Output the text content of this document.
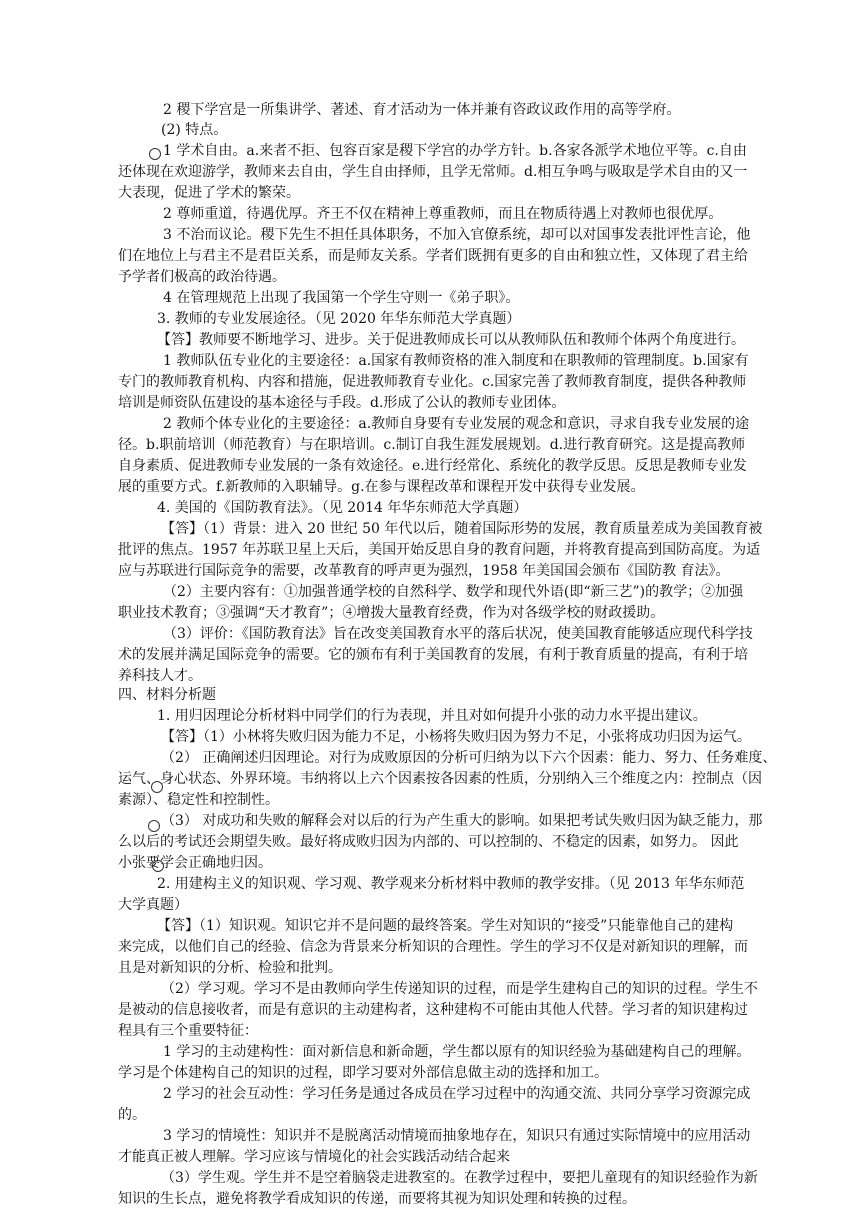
2 稷下学宫是一所集讲学、著述、育才活动为一体并兼有咨政议政作用的高等学府。
(2) 特点。
1 学术自由。a.来者不拒、包容百家是稷下学宫的办学方针。b.各家各派学术地位平等。c.自由
还体现在欢迎游学，教师来去自由，学生自由择师，且学无常师。d.相互争鸣与吸取是学术自由的又一
大表现，促进了学术的繁荣。
2 尊师重道，待遇优厚。齐王不仅在精神上尊重教师，而且在物质待遇上对教师也很优厚。
3 不治而议论。稷下先生不担任具体职务，不加入官僚系统，却可以对国事发表批评性言论，他
们在地位上与君主不是君臣关系，而是师友关系。学者们既拥有更多的自由和独立性，又体现了君主给
予学者们极高的政治待遇。
4 在管理规范上出现了我国第一个学生守则一《弟子职》。
3. 教师的专业发展途径。（见 2020 年华东师范大学真题）
【答】教师要不断地学习、进步。关于促进教师成长可以从教师队伍和教师个体两个角度进行。
1 教师队伍专业化的主要途径：a.国家有教师资格的准入制度和在职教师的管理制度。b.国家有
专门的教师教育机构、内容和措施，促进教师教育专业化。c.国家完善了教师教育制度，提供各种教师
培训是师资队伍建设的基本途径与手段。d.形成了公认的教师专业团体。
2 教师个体专业化的主要途径：a.教师自身要有专业发展的观念和意识，寻求自我专业发展的途
径。b.职前培训（师范教育）与在职培训。c.制订自我生涯发展规划。d.进行教育研究。这是提高教师
自身素质、促进教师专业发展的一条有效途径。e.进行经常化、系统化的教学反思。反思是教师专业发
展的重要方式。f.新教师的入职辅导。g.在参与课程改革和课程开发中获得专业发展。
4. 美国的《国防教育法》。（见 2014 年华东师范大学真题）
【答】（1）背景：进入 20 世纪 50 年代以后，随着国际形势的发展，教育质量差成为美国教育被
批评的焦点。1957 年苏联卫星上天后，美国开始反思自身的教育问题，并将教育提高到国防高度。为适
应与苏联进行国际竞争的需要，改革教育的呼声更为强烈，1958 年美国国会颁布《国防教 育法》。
（2）主要内容有：①加强普通学校的自然科学、数学和现代外语(即“新三艺”)的教学；②加强
职业技术教育；③强调“天才教育”；④增拨大量教育经费，作为对各级学校的财政援助。
（3）评价：《国防教育法》旨在改变美国教育水平的落后状况，使美国教育能够适应现代科学技
术的发展并满足国际竞争的需要。它的颁布有利于美国教育的发展，有利于教育质量的提高，有利于培
养科技人才。
四、材料分析题
1. 用归因理论分析材料中同学们的行为表现，并且对如何提升小张的动力水平提出建议。
【答】（1）小林将失败归因为能力不足，小杨将失败归因为努力不足，小张将成功归因为运气。
（2） 正确阐述归因理论。对行为成败原因的分析可归纳为以下六个因素：能力、努力、任务难度、
运气、身心状态、外界环境。韦纳将以上六个因素按各因素的性质，分别纳入三个维度之内：控制点（因
素源）、稳定性和控制性。
（3） 对成功和失败的解释会对以后的行为产生重大的影响。如果把考试失败归因为缺乏能力，那
么以后的考试还会期望失败。最好将成败归因为内部的、可以控制的、不稳定的因素，如努力。 因此
小张要学会正确地归因。
2. 用建构主义的知识观、学习观、教学观来分析材料中教师的教学安排。（见 2013 年华东师范
大学真题）
【答】（1）知识观。知识它并不是问题的最终答案。学生对知识的“接受”只能靠他自己的建构
来完成，以他们自己的经验、信念为背景来分析知识的合理性。学生的学习不仅是对新知识的理解，而
且是对新知识的分析、检验和批判。
（2）学习观。学习不是由教师向学生传递知识的过程，而是学生建构自己的知识的过程。学生不
是被动的信息接收者，而是有意识的主动建构者，这种建构不可能由其他人代替。学习者的知识建构过
程具有三个重要特征：
1 学习的主动建构性：面对新信息和新命题，学生都以原有的知识经验为基础建构自己的理解。
学习是个体建构自己的知识的过程，即学习要对外部信息做主动的选择和加工。
2 学习的社会互动性：学习任务是通过各成员在学习过程中的沟通交流、共同分享学习资源完成
的。
3 学习的情境性：知识并不是脱离活动情境而抽象地存在，知识只有通过实际情境中的应用活动
才能真正被人理解。学习应该与情境化的社会实践活动结合起来
（3）学生观。学生并不是空着脑袋走进教室的。在教学过程中，要把儿童现有的知识经验作为新
知识的生长点，避免将教学看成知识的传递，而要将其视为知识处理和转换的过程。
